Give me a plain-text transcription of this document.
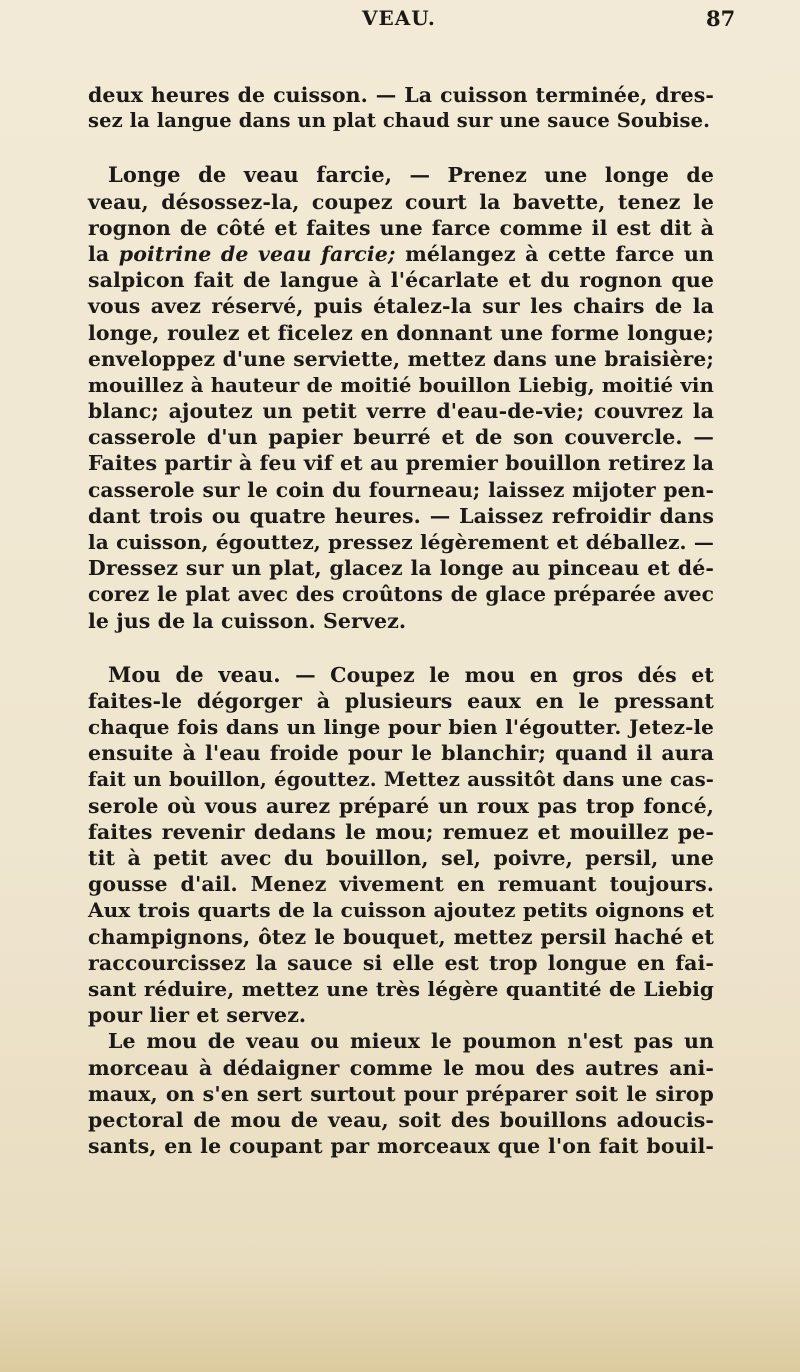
VEAU.	87
deux heures de cuisson. — La cuisson terminée, dres-
sez la langue dans un plat chaud sur une sauce Soubise.
Longe de veau farcie, — Prenez une longe de
veau, désossez-la, coupez court la bavette, tenez le
rognon de côté et faites une farce comme il est dit à
la poitrine de veau farcie; mélangez à cette farce un
salpicon fait de langue à l'écarlate et du rognon que
vous avez réservé, puis étalez-la sur les chairs de la
longe, roulez et ficelez en donnant une forme longue;
enveloppez d'une serviette, mettez dans une braisière;
mouillez à hauteur de moitié bouillon Liebig, moitié vin
blanc; ajoutez un petit verre d'eau-de-vie; couvrez la
casserole d'un papier beurré et de son couvercle. —
Faites partir à feu vif et au premier bouillon retirez la
casserole sur le coin du fourneau; laissez mijoter pen-
dant trois ou quatre heures. — Laissez refroidir dans
la cuisson, égouttez, pressez légèrement et déballez. —
Dressez sur un plat, glacez la longe au pinceau et dé-
corez le plat avec des croûtons de glace préparée avec
le jus de la cuisson. Servez.
Mou de veau. — Coupez le mou en gros dés et
faites-le dégorger à plusieurs eaux en le pressant
chaque fois dans un linge pour bien l'égoutter. Jetez-le
ensuite à l'eau froide pour le blanchir; quand il aura
fait un bouillon, égouttez. Mettez aussitôt dans une cas-
serole où vous aurez préparé un roux pas trop foncé,
faites revenir dedans le mou; remuez et mouillez pe-
tit à petit avec du bouillon, sel, poivre, persil, une
gousse d'ail. Menez vivement en remuant toujours.
Aux trois quarts de la cuisson ajoutez petits oignons et
champignons, ôtez le bouquet, mettez persil haché et
raccourcissez la sauce si elle est trop longue en fai-
sant réduire, mettez une très légère quantité de Liebig
pour lier et servez.
Le mou de veau ou mieux le poumon n'est pas un
morceau à dédaigner comme le mou des autres ani-
maux, on s'en sert surtout pour préparer soit le sirop
pectoral de mou de veau, soit des bouillons adoucis-
sants, en le coupant par morceaux que l'on fait bouil-
